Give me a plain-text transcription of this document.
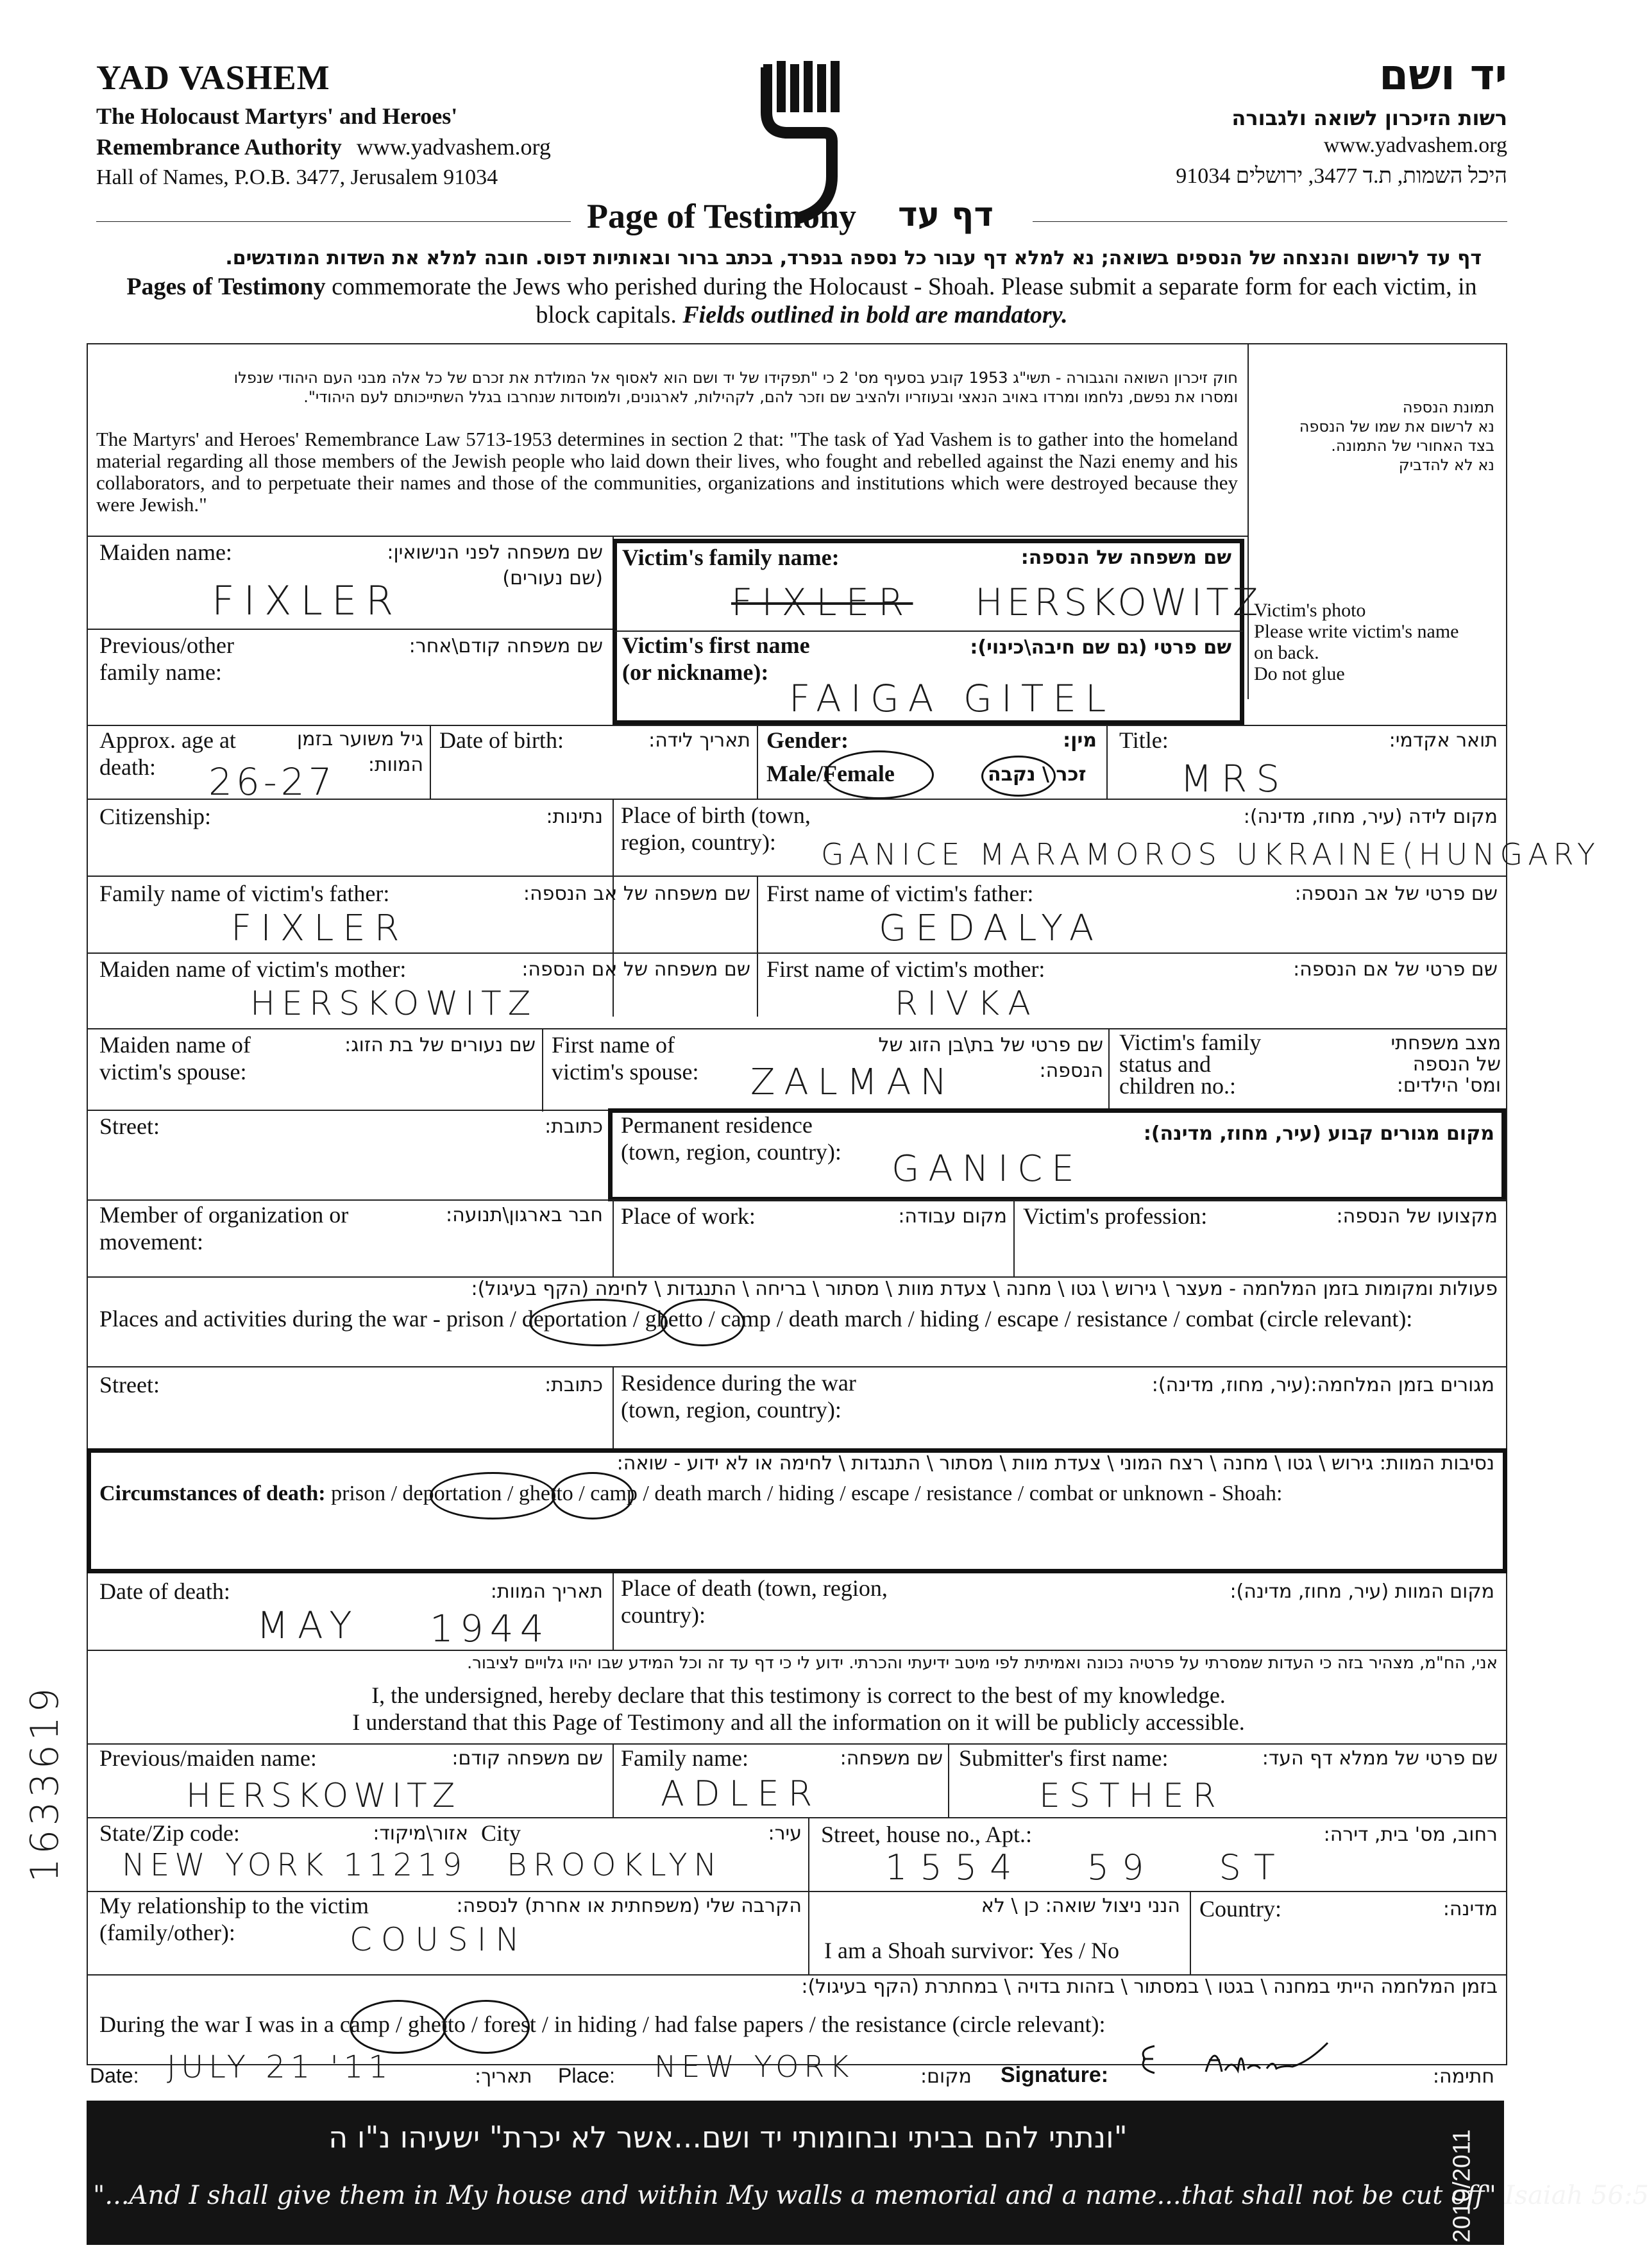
YAD VASHEM
The Holocaust Martyrs' and Heroes'
Remembrance Authority www.yadvashem.org
Hall of Names, P.O.B. 3477, Jerusalem 91034
יד ושם
רשות הזיכרון לשואה ולגבורה
www.yadvashem.org
היכל השמות, ת.ד 3477, ירושלים 91034
Page of Testimony דף עד
דף עד לרישום והנצחה של הנספים בשואה; נא למלא דף עבור כל נספה בנפרד, בכתב ברור ובאותיות דפוס. חובה למלא את השדות המודגשים.
Pages of Testimony commemorate the Jews who perished during the Holocaust - Shoah. Please submit a separate form for each victim, in block capitals. Fields outlined in bold are mandatory.
חוק זיכרון השואה והגבורה - תשי"ג 1953 קובע בסעיף מס' 2 כי "תפקידו של יד ושם הוא לאסוף אל המולדת את זכרם של כל אלה מבני העם היהודי שנפלו
ומסרו את נפשם, נלחמו ומרדו באויב הנאצי ובעוזריו ולהציב שם וזכר להם, לקהילות, לארגונים, ולמוסדות שנחרבו בגלל השתייכותם לעם היהודי".
The Martyrs' and Heroes' Remembrance Law 5713-1953 determines in section 2 that: "The task of Yad Vashem is to gather into the homeland material regarding all those members of the Jewish people who laid down their lives, who fought and rebelled against the Nazi enemy and his collaborators, and to perpetuate their names and those of the communities, organizations and institutions which were destroyed because they were Jewish."
תמונת הנספה
נא לרשום את שמו של הנספה
בצד האחורי של התמונה.
נא לא להדביק
Victim's photo
Please write victim's name
on back.
Do not glue
Maiden name:	שם משפחה לפני הנישואין:
(שם נעורים)
FIXLER
Victim's family name:	שם משפחה של הנספה:
FIXLER HERSKOWITZ
Previous/other
family name:
שם משפחה קודם\אחר: Victim's first name
(or nickname):
שם פרטי (גם שם חיבה\כינוי):
FAIGA GITEL
Approx. age at
death:
גיל משוער בזמן
המוות:
26-27
Date of birth:	תאריך לידה: Gender:	מין:
Male/Female	זכר \ נקבה
Title:	תואר אקדמי:
MRS
Citizenship:	נתינות: Place of birth (town,
region, country):
מקום לידה (עיר, מחוז, מדינה):
GANICE MARAMOROS UKRAINE(HUNGARY
Family name of victim's father:	שם משפחה של אב הנספה:
FIXLER
First name of victim's father:	שם פרטי של אב הנספה:
GEDALYA
Maiden name of victim's mother:	שם משפחה של אם הנספה:
HERSKOWITZ
First name of victim's mother:	שם פרטי של אם הנספה:
RIVKA
Maiden name of
victim's spouse:
שם נעורים של בת הזוג: First name of
victim's spouse:
שם פרטי של בת\בן הזוג של
הנספה:
ZALMAN
Victim's family
status and
children no.:
מצב משפחתי
של הנספה
ומס' הילדים:
Street:	כתובת: Permanent residence
(town, region, country):
מקום מגורים קבוע (עיר, מחוז, מדינה):
GANICE
Member of organization or
movement:
חבר בארגון\תנועה: Place of work:	מקום עבודה: Victim's profession:	מקצועו של הנספה:
פעולות ומקומות בזמן המלחמה - מעצר \ גירוש \ גטו \ מחנה \ צעדת מוות \ מסתור \ בריחה \ התנגדות \ לחימה (הקף בעיגול):
Places and activities during the war - prison / deportation / ghetto / camp / death march / hiding / escape / resistance / combat (circle relevant):
Street:	כתובת: Residence during the war
(town, region, country):
מגורים בזמן המלחמה:(עיר, מחוז, מדינה):
נסיבות המוות: גירוש \ גטו \ מחנה \ רצח המוני \ צעדת מוות \ מסתור \ התנגדות \ לחימה או לא ידוע - שואה:
Circumstances of death: prison / deportation / ghetto / camp / death march / hiding / escape / resistance / combat or unknown - Shoah:
Date of death:	תאריך המוות:
MAY 1944
Place of death (town, region,
country):
מקום המוות (עיר, מחוז, מדינה):
אני, הח"מ, מצהיר בזה כי העדות שמסרתי על פרטיה נכונה ואמיתית לפי מיטב ידיעתי והכרתי. ידוע לי כי דף עד זה וכל המידע שבו יהיו גלויים לציבור.
I, the undersigned, hereby declare that this testimony is correct to the best of my knowledge.
I understand that this Page of Testimony and all the information on it will be publicly accessible.
Previous/maiden name:	שם משפחה קודם:
HERSKOWITZ
Family name:	שם משפחה:
ADLER
Submitter's first name:	שם פרטי של ממלא דף העד:
ESTHER
State/Zip code:	אזור\מיקוד: City	עיר:
NEW YORK 11219 BROOKLYN
Street, house no., Apt.:	רחוב, מס' בית, דירה:
1554 59 ST
My relationship to the victim
(family/other):
הקרבה שלי (משפחתית או אחרת) לנספה:
COUSIN
הנני ניצול שואה: כן \ לא
I am a Shoah survivor: Yes / No
Country:	מדינה:
בזמן המלחמה הייתי במחנה \ בגטו \ במסתור \ בזהות בדויה \ במחתרת (הקף בעיגול):
During the war I was in a camp / ghetto / forest / in hiding / had false papers / the resistance (circle relevant):
Date: JULY 21 '11	תאריך: Place: NEW YORK	מקום: Signature:	חתימה:
"ונתתי להם בביתי ובחומותי יד ושם...אשר לא יכרת" ישעיהו נ"ו ה
"...And I shall give them in My house and within My walls a memorial and a name...that shall not be cut off" Isaiah 56:5
2010/2011
1633619
